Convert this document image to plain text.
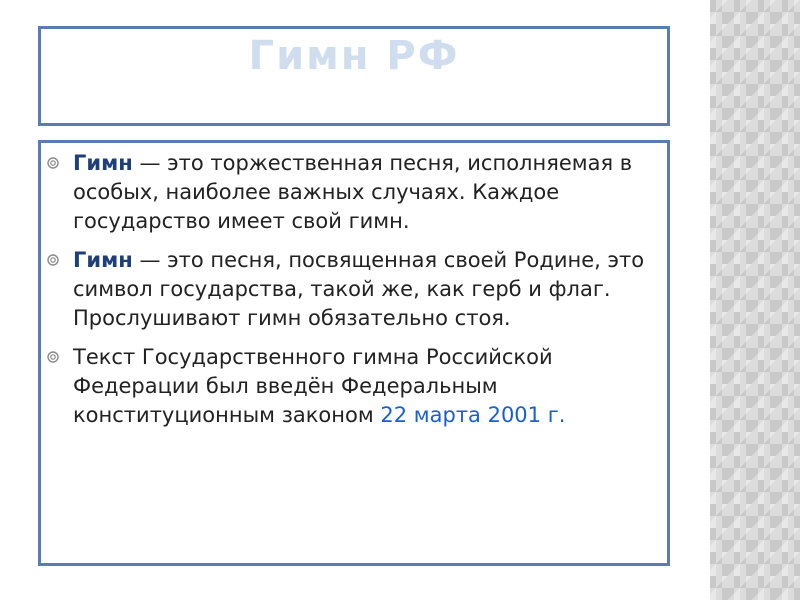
Гимн РФ
Гимн — это торжественная песня, исполняемая в особых, наиболее важных случаях. Каждое государство имеет свой гимн.
Гимн — это песня, посвященная своей Родине, это символ государства, такой же, как герб и флаг. Прослушивают гимн обязательно стоя.
Текст Государственного гимна Российской Федерации был введён Федеральным конституционным законом 22 марта 2001 г.
